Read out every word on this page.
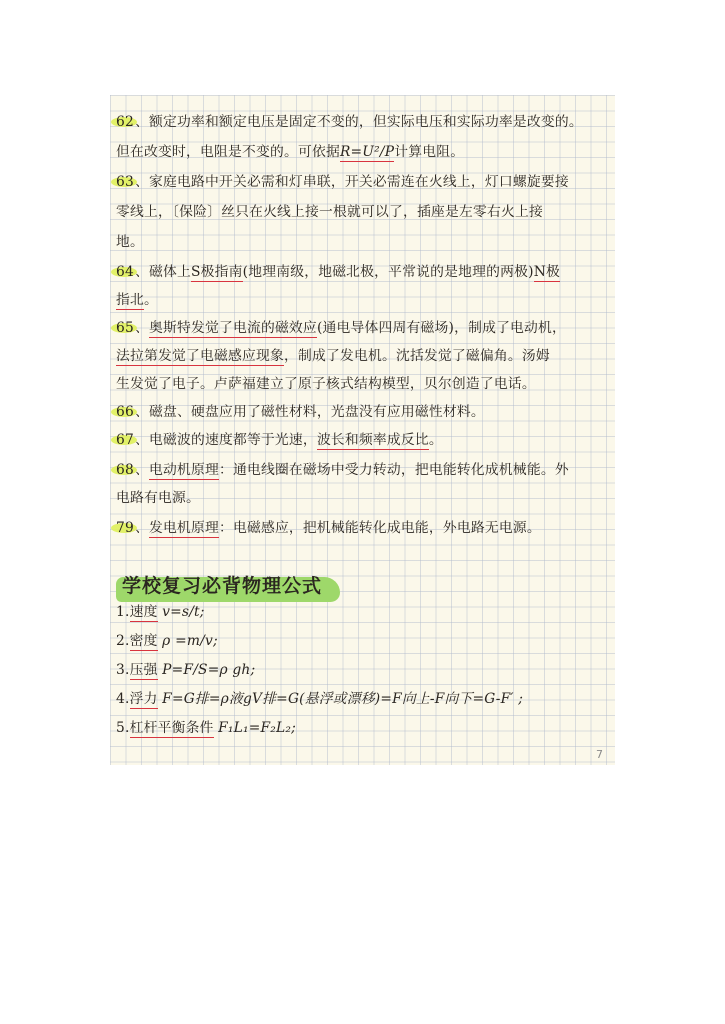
62、额定功率和额定电压是固定不变的，但实际电压和实际功率是改变的。
但在改变时，电阻是不变的。可依据R=U²/P计算电阻。
63、家庭电路中开关必需和灯串联，开关必需连在火线上，灯口螺旋要接
零线上，〔保险〕丝只在火线上接一根就可以了，插座是左零右火上接
地。
64、磁体上S极指南(地理南级，地磁北极，平常说的是地理的两极)N极
指北。
65、奥斯特发觉了电流的磁效应(通电导体四周有磁场)，制成了电动机，
法拉第发觉了电磁感应现象，制成了发电机。沈括发觉了磁偏角。汤姆
生发觉了电子。卢萨福建立了原子核式结构模型，贝尔创造了电话。
66、磁盘、硬盘应用了磁性材料，光盘没有应用磁性材料。
67、电磁波的速度都等于光速，波长和频率成反比。
68、电动机原理：通电线圈在磁场中受力转动，把电能转化成机械能。外
电路有电源。
79、发电机原理：电磁感应，把机械能转化成电能，外电路无电源。
学校复习必背物理公式
1.速度 v=s/t;
2.密度 ρ =m/v;
3.压强 P=F/S=ρ gh;
4.浮力 F=G排=ρ液gV排=G(悬浮或漂移)=F向上-F向下=G-F′ ;
5.杠杆平衡条件 F₁L₁=F₂L₂;
7
